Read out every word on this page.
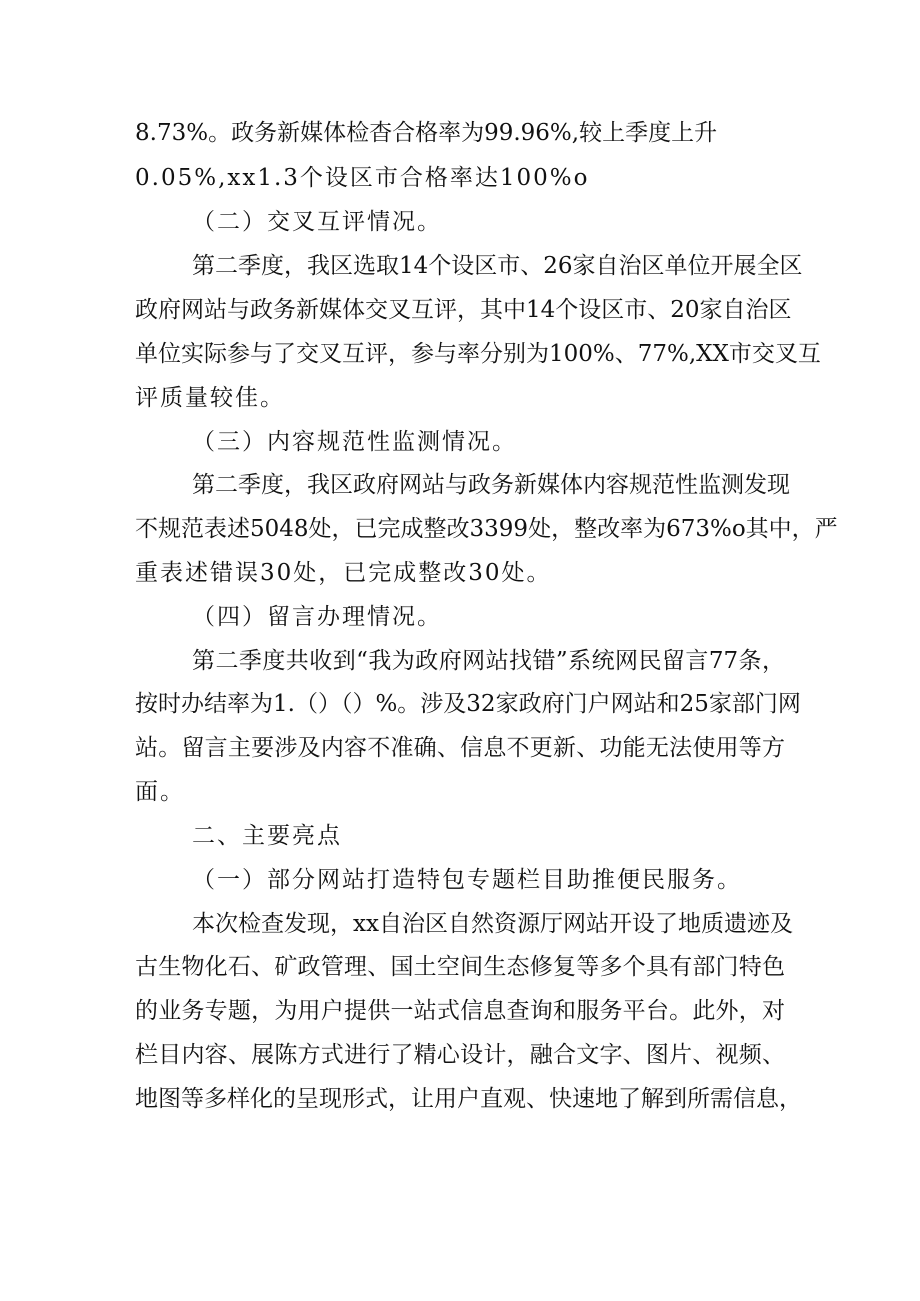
8.73%。政务新媒体检杳合格率为99.96%,较上季度上升
0.05%,xx1.3个设区市合格率达100%o
（二）交叉互评情况。
第二季度，我区选取14个设区市、26家自治区单位开展全区
政府网站与政务新媒体交叉互评，其中14个设区市、20家自治区
单位实际参与了交叉互评，参与率分别为100%、77%,XX市交叉互
评质量较佳。
（三）内容规范性监测情况。
第二季度，我区政府网站与政务新媒体内容规范性监测发现
不规范表述5048处，已完成整改3399处，整改率为673%o其中，严
重表述错误30处，已完成整改30处。
（四）留言办理情况。
第二季度共收到“我为政府网站找错”系统网民留言77条，
按时办结率为1.（）（）%。涉及32家政府门户网站和25家部门网
站。留言主要涉及内容不准确、信息不更新、功能无法使用等方
面。
二、主要亮点
（一）部分网站打造特包专题栏目助推便民服务。
本次检查发现，xx自治区自然资源厅网站开设了地质遗迹及
古生物化石、矿政管理、国土空间生态修复等多个具有部门特色
的业务专题，为用户提供一站式信息查询和服务平台。此外，对
栏目内容、展陈方式进行了精心设计，融合文字、图片、视频、
地图等多样化的呈现形式，让用户直观、快速地了解到所需信息，
